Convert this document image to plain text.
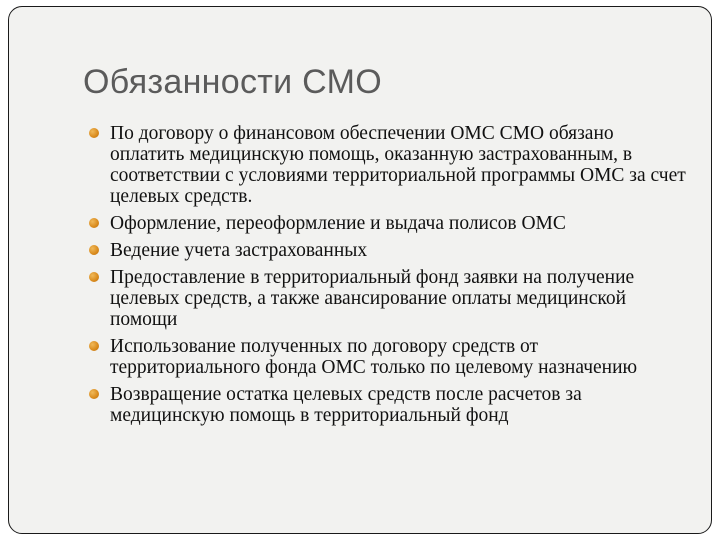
Обязанности СМО
По договору о финансовом обеспечении ОМС СМО обязано оплатить медицинскую помощь, оказанную застрахованным, в соответствии с условиями территориальной программы ОМС за счет целевых средств.
Оформление, переоформление и выдача полисов ОМС
Ведение учета застрахованных
Предоставление в территориальный фонд заявки на получение целевых средств, а также авансирование оплаты медицинской помощи
Использование полученных по договору средств от территориального фонда ОМС только по целевому назначению
Возвращение остатка целевых средств после расчетов за медицинскую помощь в территориальный фонд
